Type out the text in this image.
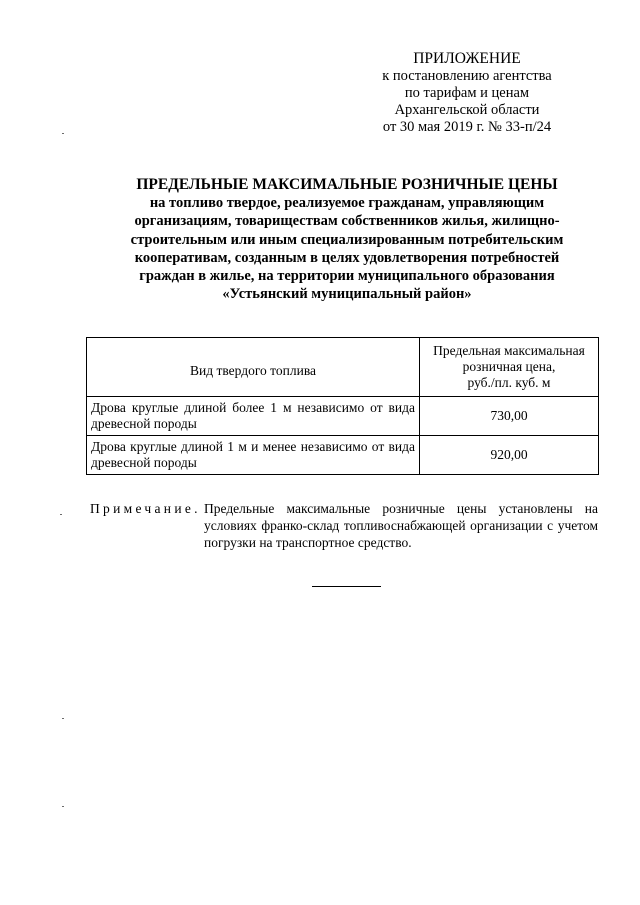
ПРИЛОЖЕНИЕ
к постановлению агентства
по тарифам и ценам
Архангельской области
от 30 мая 2019 г. № 33-п/24
ПРЕДЕЛЬНЫЕ МАКСИМАЛЬНЫЕ РОЗНИЧНЫЕ ЦЕНЫ
на топливо твердое, реализуемое гражданам, управляющим
организациям, товариществам собственников жилья, жилищно-
строительным или иным специализированным потребительским
кооперативам, созданным в целях удовлетворения потребностей
граждан в жилье, на территории муниципального образования
«Устьянский муниципальный район»
Вид твердого топлива	Предельная максимальная
розничная цена,
руб./пл. куб. м

Дрова круглые длиной более 1 м независимо от вида древесной породы	730,00
Дрова круглые длиной 1 м и менее независимо от вида древесной породы	920,00
Примечание. Предельные максимальные розничные цены установлены на условиях франко-склад топливоснабжающей организации с учетом погрузки на транспортное средство.
